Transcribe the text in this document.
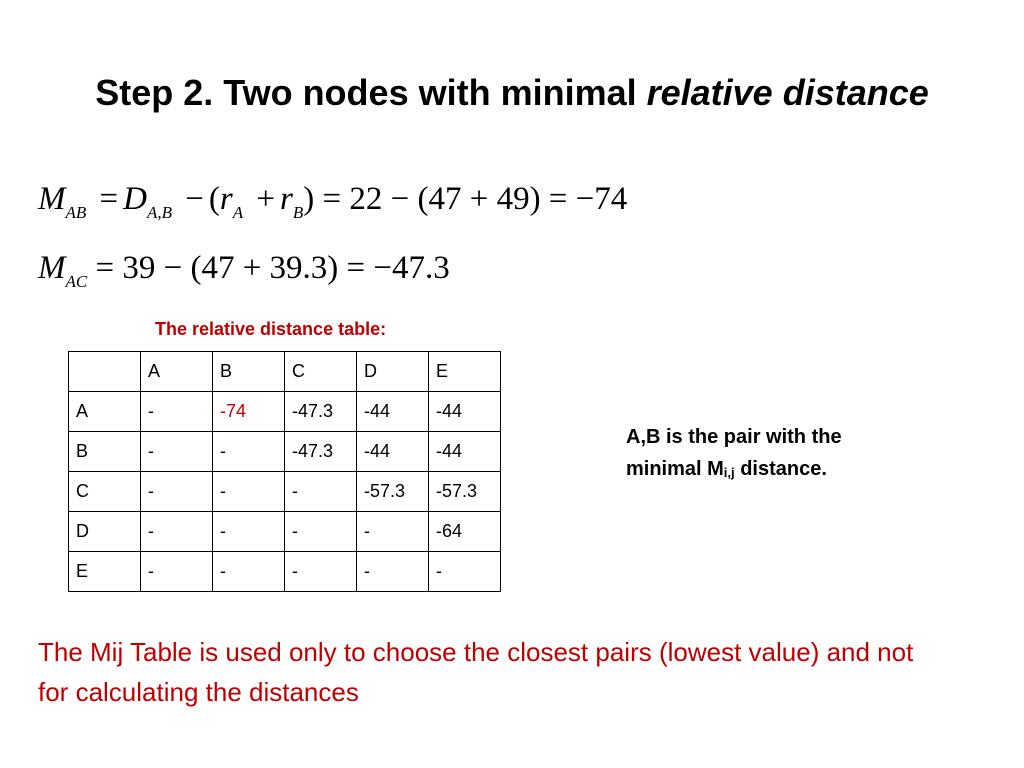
Step 2. Two nodes with minimal relative distance
$M_{AB} = D_{A,B} - (r_A + r_B) = 22 - (47 + 49) = -74$
$M_{AC} = 39 - (47 + 39.3) = -47.3$
The relative distance table:
	A	B	C	D	E
A	-	-74	-47.3	-44	-44
B	-	-	-47.3	-44	-44
C	-	-	-	-57.3	-57.3
D	-	-	-	-	-64
E	-	-	-	-	-
A,B is the pair with the
minimal $M_{i,j}$ distance.
The Mij Table is used only to choose the closest pairs (lowest value) and not for calculating the distances
